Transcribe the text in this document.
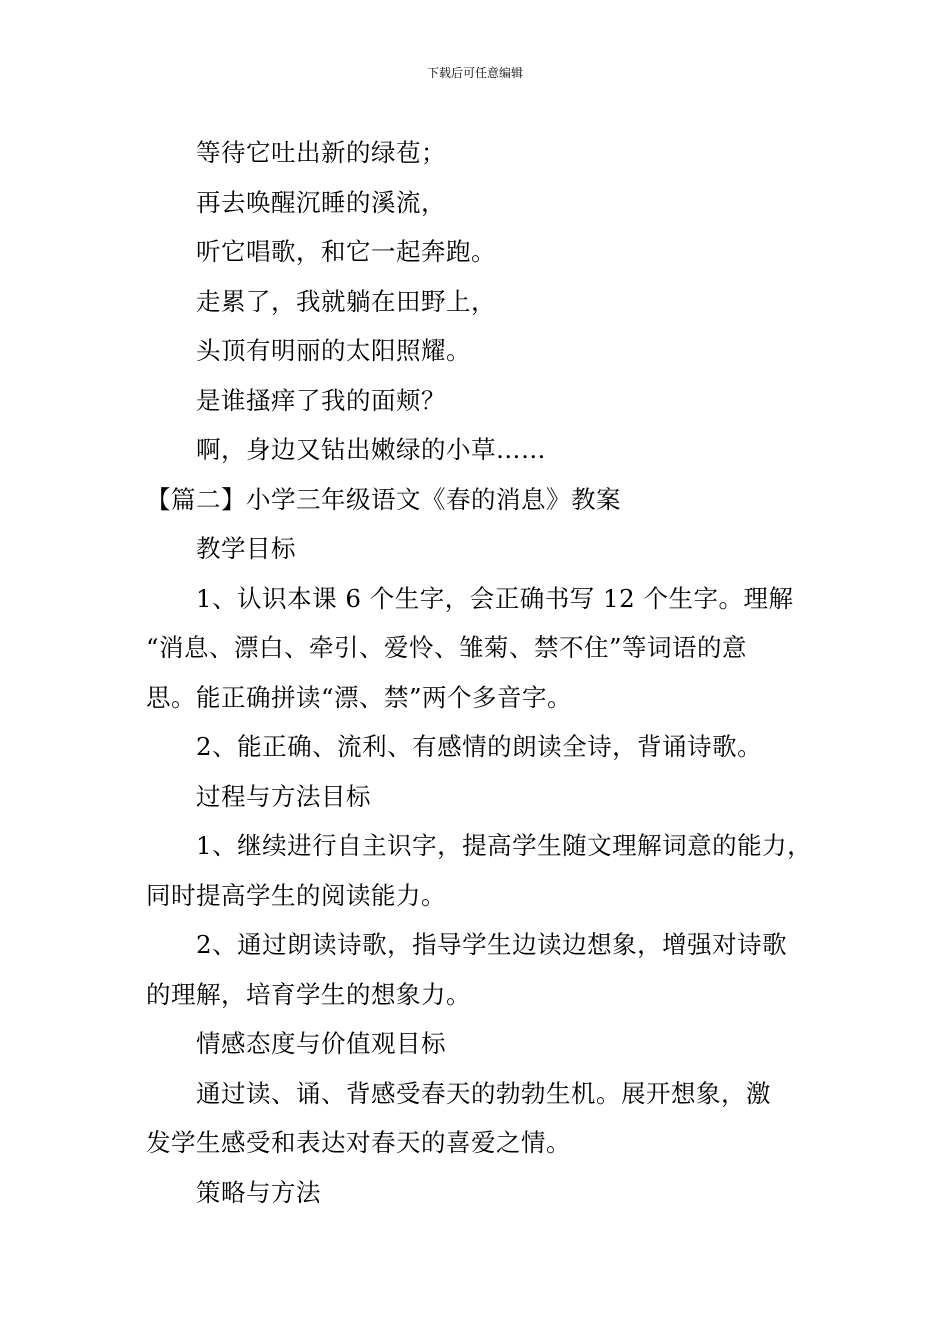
下载后可任意编辑
等待它吐出新的绿苞；
再去唤醒沉睡的溪流，
听它唱歌，和它一起奔跑。
走累了，我就躺在田野上，
头顶有明丽的太阳照耀。
是谁搔痒了我的面颊？
啊，身边又钻出嫩绿的小草……
【篇二】小学三年级语文《春的消息》教案
教学目标
1、认识本课 6 个生字，会正确书写 12 个生字。理解
“消息、漂白、牵引、爱怜、雏菊、禁不住”等词语的意
思。能正确拼读“漂、禁”两个多音字。
2、能正确、流利、有感情的朗读全诗，背诵诗歌。
过程与方法目标
1、继续进行自主识字，提高学生随文理解词意的能力，
同时提高学生的阅读能力。
2、通过朗读诗歌，指导学生边读边想象，增强对诗歌
的理解，培育学生的想象力。
情感态度与价值观目标
通过读、诵、背感受春天的勃勃生机。展开想象，激
发学生感受和表达对春天的喜爱之情。
策略与方法
